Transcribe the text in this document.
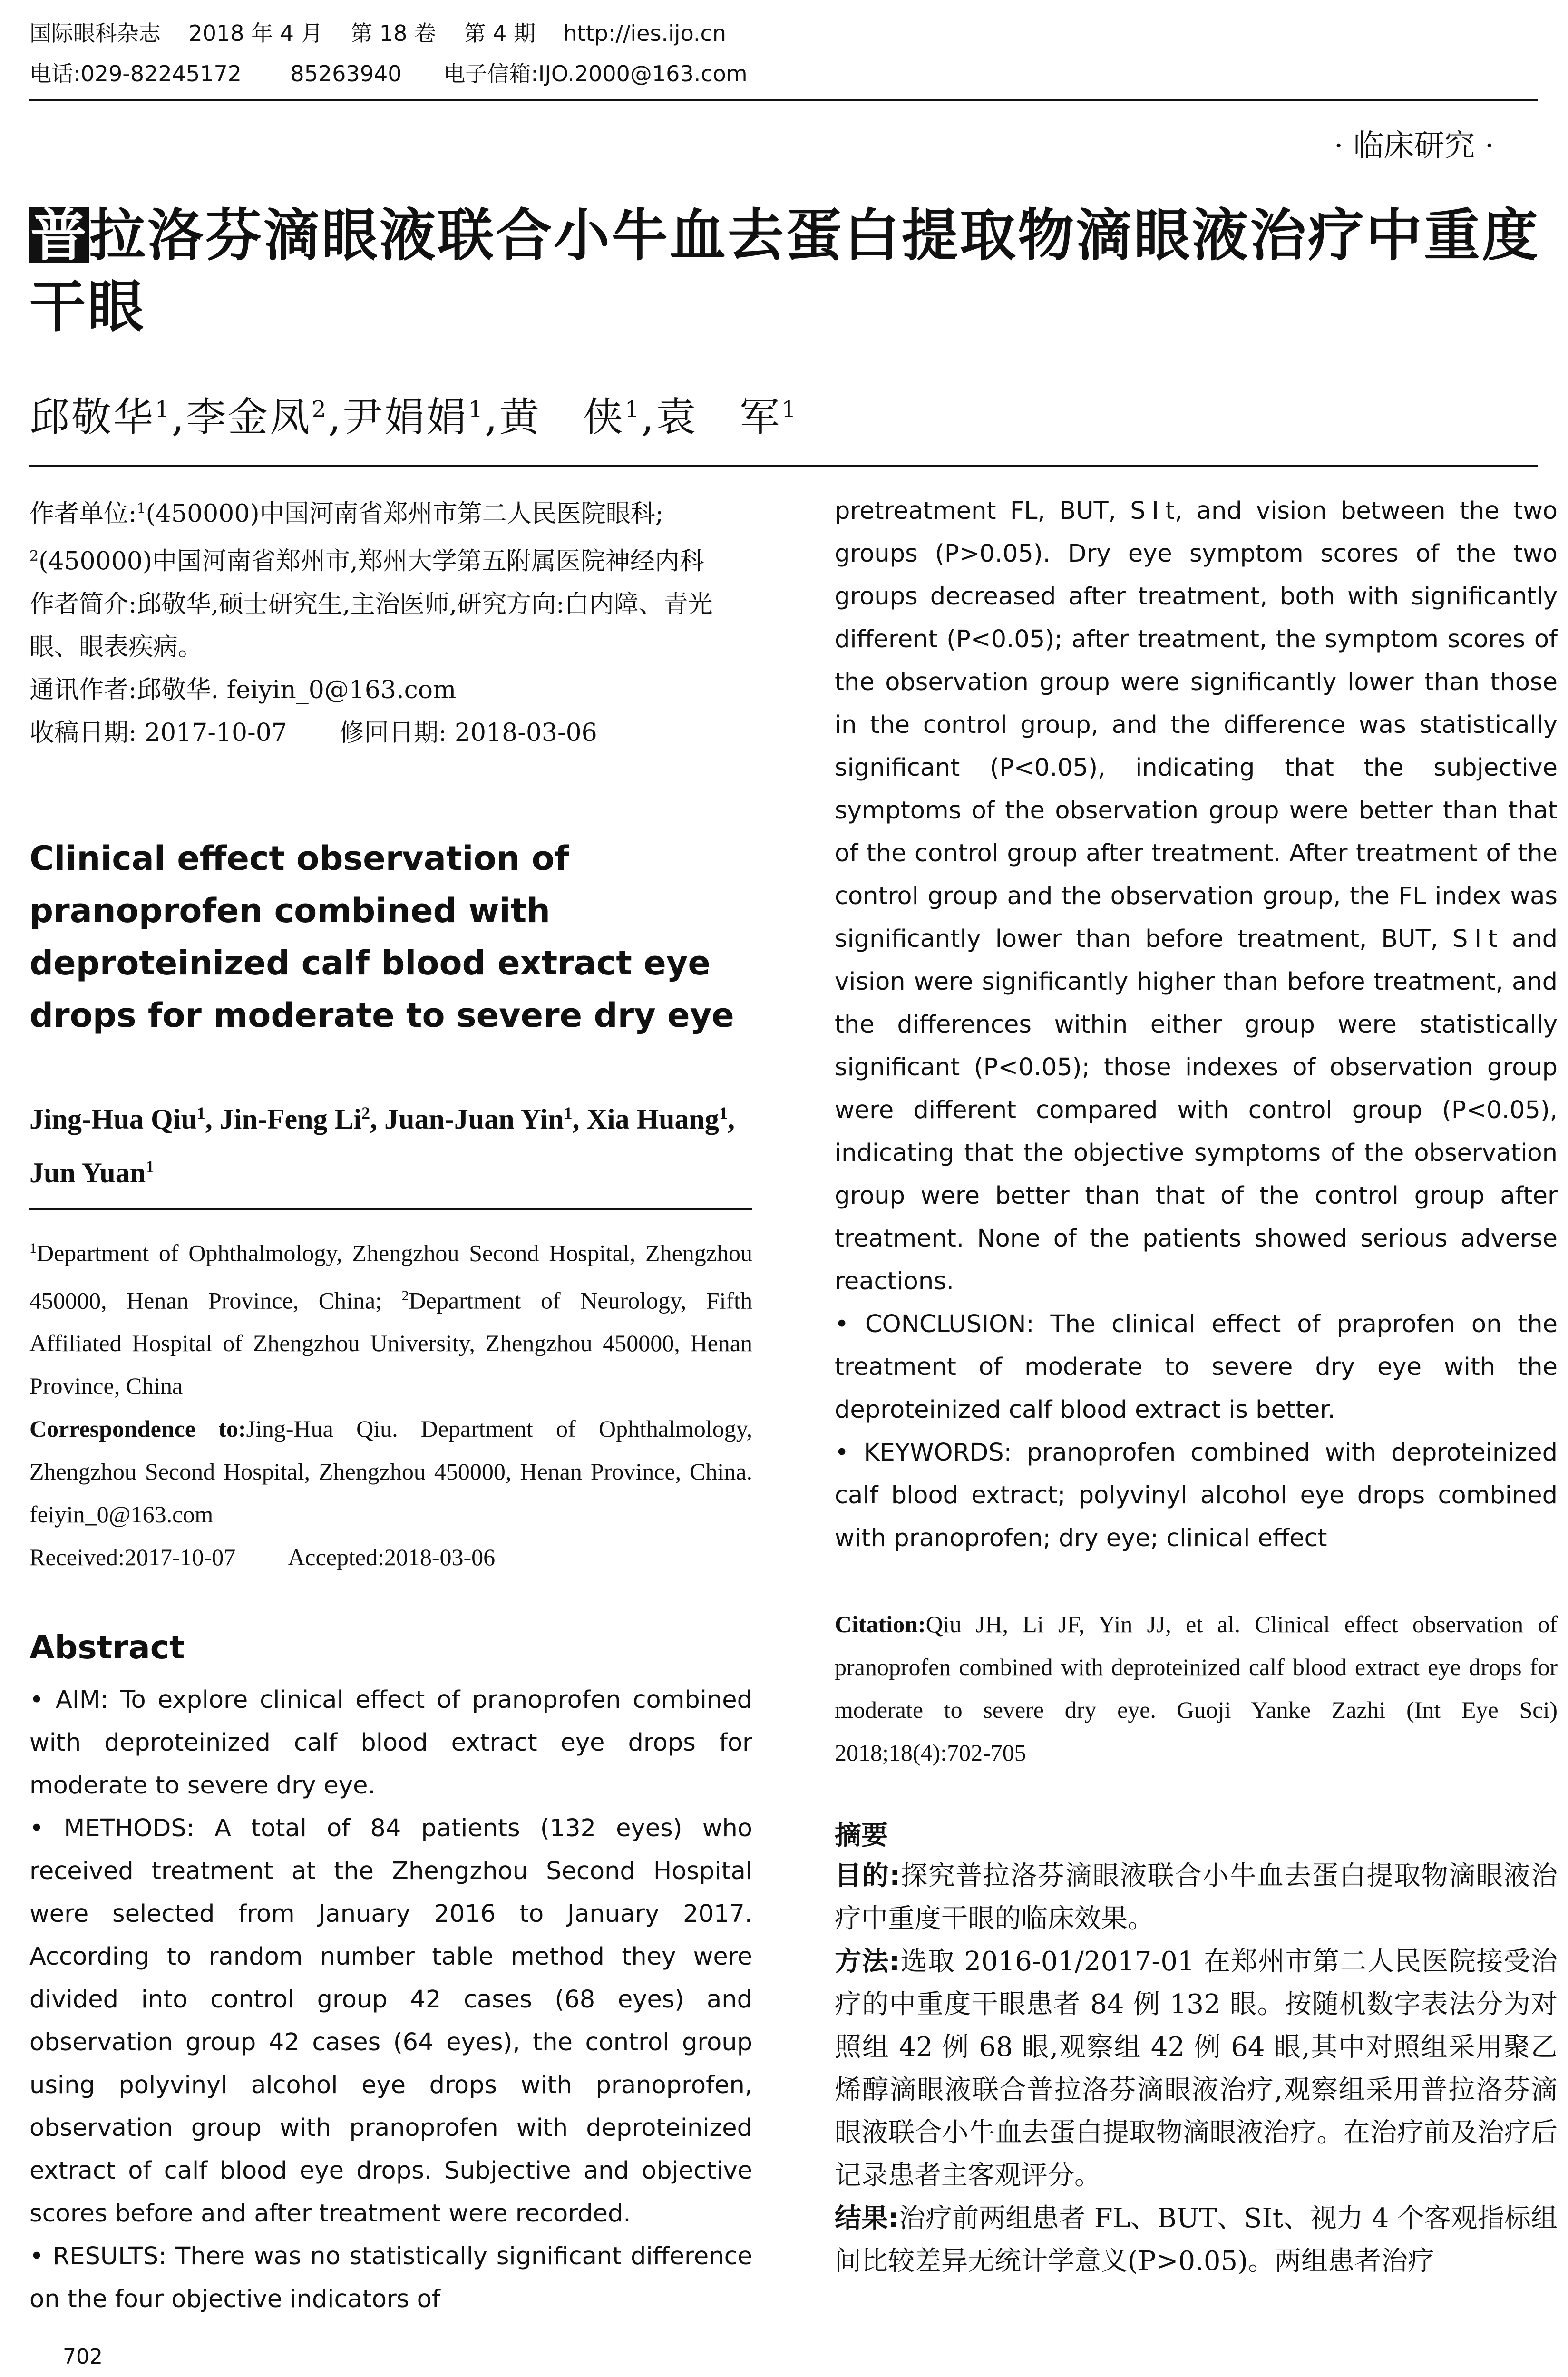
国际眼科杂志    2018 年 4 月    第 18 卷    第 4 期    http://ies.ijo.cn
电话:029-82245172       85263940      电子信箱:IJO.2000@163.com
· 临床研究 ·
普拉洛芬滴眼液联合小牛血去蛋白提取物滴眼液治疗中重度干眼
邱敬华$^1$,李金凤$^2$,尹娟娟$^1$,黄　侠$^1$,袁　军$^1$
作者单位:$^1$(450000)中国河南省郑州市第二人民医院眼科;
$^2$(450000)中国河南省郑州市,郑州大学第五附属医院神经内科
作者简介:邱敬华,硕士研究生,主治医师,研究方向:白内障、青光眼、眼表疾病。
通讯作者:邱敬华. feiyin_0@163.com
收稿日期: 2017-10-07 修回日期: 2018-03-06
Clinical effect observation of pranoprofen combined with deproteinized calf blood extract eye drops for moderate to severe dry eye
Jing-Hua Qiu$^1$, Jin-Feng Li$^2$, Juan-Juan Yin$^1$, Xia Huang$^1$, Jun Yuan$^1$
$^1$Department of Ophthalmology, Zhengzhou Second Hospital, Zhengzhou 450000, Henan Province, China; $^2$Department of Neurology, Fifth Affiliated Hospital of Zhengzhou University, Zhengzhou 450000, Henan Province, China
Correspondence to:Jing-Hua Qiu. Department of Ophthalmology, Zhengzhou Second Hospital, Zhengzhou 450000, Henan Province, China. feiyin_0@163.com
Received:2017-10-07 Accepted:2018-03-06
Abstract
• AIM: To explore clinical effect of pranoprofen combined with deproteinized calf blood extract eye drops for moderate to severe dry eye.
• METHODS: A total of 84 patients (132 eyes) who received treatment at the Zhengzhou Second Hospital were selected from January 2016 to January 2017. According to random number table method they were divided into control group 42 cases (68 eyes) and observation group 42 cases (64 eyes), the control group using polyvinyl alcohol eye drops with pranoprofen, observation group with pranoprofen with deproteinized extract of calf blood eye drops. Subjective and objective scores before and after treatment were recorded.
• RESULTS: There was no statistically significant difference on the four objective indicators of
pretreatment FL, BUT, SⅠt, and vision between the two groups (P>0.05). Dry eye symptom scores of the two groups decreased after treatment, both with significantly different (P<0.05); after treatment, the symptom scores of the observation group were significantly lower than those in the control group, and the difference was statistically significant (P<0.05), indicating that the subjective symptoms of the observation group were better than that of the control group after treatment. After treatment of the control group and the observation group, the FL index was significantly lower than before treatment, BUT, SⅠt and vision were significantly higher than before treatment, and the differences within either group were statistically significant (P<0.05); those indexes of observation group were different compared with control group (P<0.05), indicating that the objective symptoms of the observation group were better than that of the control group after treatment. None of the patients showed serious adverse reactions.
• CONCLUSION: The clinical effect of praprofen on the treatment of moderate to severe dry eye with the deproteinized calf blood extract is better.
• KEYWORDS: pranoprofen combined with deproteinized calf blood extract; polyvinyl alcohol eye drops combined with pranoprofen; dry eye; clinical effect
Citation:Qiu JH, Li JF, Yin JJ, et al. Clinical effect observation of pranoprofen combined with deproteinized calf blood extract eye drops for moderate to severe dry eye. Guoji Yanke Zazhi (Int Eye Sci) 2018;18(4):702-705
摘要
目的:探究普拉洛芬滴眼液联合小牛血去蛋白提取物滴眼液治疗中重度干眼的临床效果。
方法:选取 2016-01/2017-01 在郑州市第二人民医院接受治疗的中重度干眼患者 84 例 132 眼。按随机数字表法分为对照组 42 例 68 眼,观察组 42 例 64 眼,其中对照组采用聚乙烯醇滴眼液联合普拉洛芬滴眼液治疗,观察组采用普拉洛芬滴眼液联合小牛血去蛋白提取物滴眼液治疗。在治疗前及治疗后记录患者主客观评分。
结果:治疗前两组患者 FL、BUT、SⅠt、视力 4 个客观指标组间比较差异无统计学意义(P>0.05)。两组患者治疗
702
